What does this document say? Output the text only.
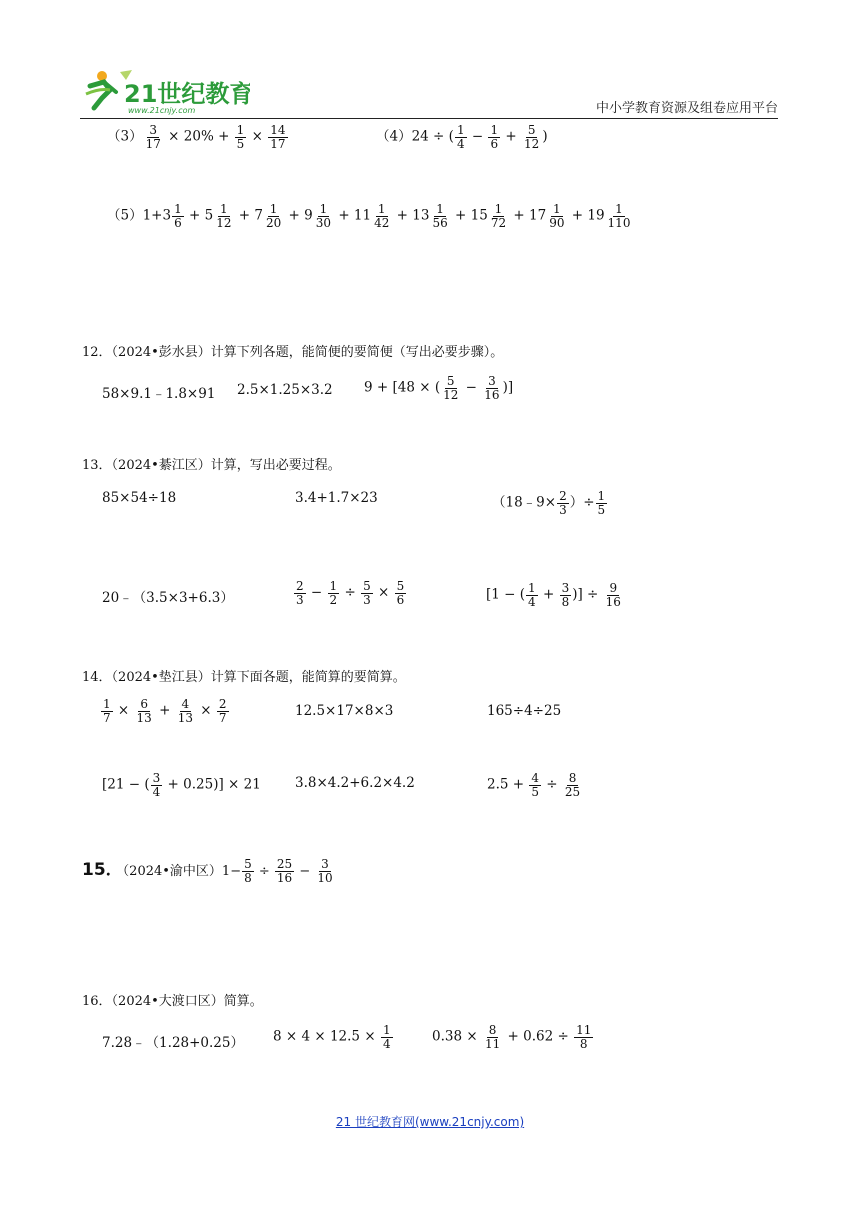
21世纪教育
www.21cnjy.com	中小学教育资源及组卷应用平台
$(3) \frac{3}{17} \times 20\% + \frac{1}{5} \times \frac{14}{17}$	（4）24 ÷ ( $\frac{1}{4} - \frac{1}{6} + \frac{5}{12}$ )
$(5)1+3 \frac{1}{6} + 5 \frac{1}{12} + 7 \frac{1}{20} + 9 \frac{1}{30} + 11 \frac{1}{42} + 13 \frac{1}{56} + 15 \frac{1}{72} + 17 \frac{1}{90} + 19 \frac{1}{110}$
12．（2024•彭水县）计算下列各题，能简便的要简便（写出必要步骤）。
58×9.1﹣1.8×91 2.5×1.25×3.2 9 + [48 × ( $\frac{5}{12} - \frac{3}{16}$ )]
13．（2024•綦江区）计算，写出必要过程。
85×54÷18	3.4+1.7×23	（18﹣9× $\frac{2}{3}$ ）÷ $\frac{1}{5}$
20﹣（3.5×3+6.3）	$\frac{2}{3} - \frac{1}{2} \div \frac{5}{3} \times \frac{5}{6}$	[1 − ( $\frac{1}{4} + \frac{3}{8}$ )] ÷ $\frac{9}{16}$
14．（2024•垫江县）计算下面各题，能简算的要简算。
$\frac{1}{7} \times \frac{6}{13} + \frac{4}{13} \times \frac{2}{7}$	12.5×17×8×3	165÷4÷25
[21 − ( $\frac{3}{4} + 0.25)] \times 21$	3.8×4.2+6.2×4.2	$2.5 + \frac{4}{5} \div \frac{8}{25}$
15．（2024•渝中区）$1- \frac{5}{8} \div \frac{25}{16} - \frac{3}{10}$
16．（2024•大渡口区）简算。
7.28﹣（1.28+0.25） $8 \times 4 \times 12.5 \times \frac{1}{4}$	$0.38 \times \frac{8}{11} + 0.62 \div \frac{11}{8}$
21 世纪教育网(www.21cnjy.com)
